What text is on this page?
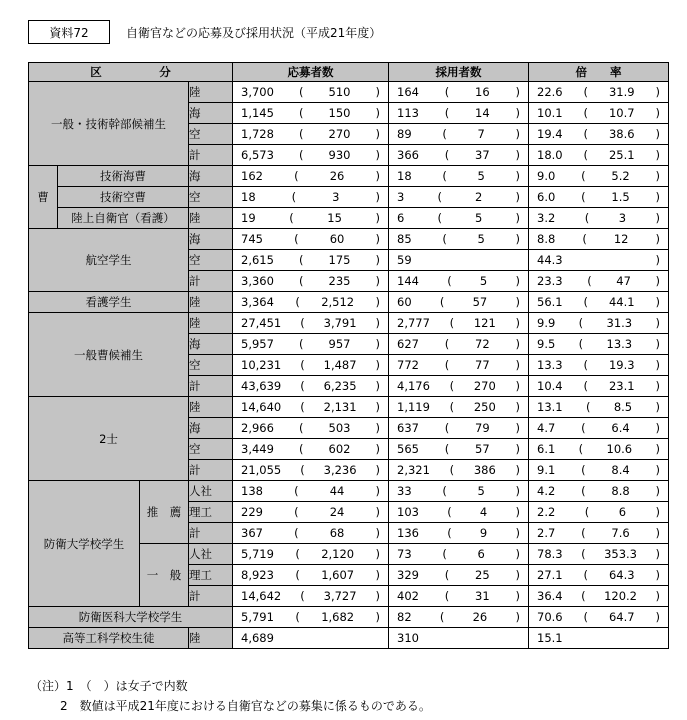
資料72	自衛官などの応募及び採用状況（平成21年度）
区　　　　　分				応募者数	採用者数	倍　　率
一般・技術幹部候補生			陸	3,700 ( 510 )	164 ( 16 )	22.6 ( 31.9 )

			海	1,145 ( 150 )	113 ( 14 )	10.1 ( 10.7 )

			空	1,728 ( 270 )	89 ( 7 )	19.4 ( 38.6 )

			計	6,573 ( 930 )	366 ( 37 )	18.0 ( 25.1 )

曹	技術海曹		海	162 ( 26 )	18 ( 5 )	9.0 ( 5.2 )

	技術空曹		空	18 ( 3 )	3 ( 2 )	6.0 ( 1.5 )

	陸上自衛官（看護）		陸	19 ( 15 )	6 ( 5 )	3.2 ( 3 )

航空学生			海	745 ( 60 )	85 ( 5 )	8.8 ( 12 )

			空	2,615 ( 175 )	59	44.3 )

			計	3,360 ( 235 )	144 ( 5 )	23.3 ( 47 )

看護学生			陸	3,364 ( 2,512 )	60 ( 57 )	56.1 ( 44.1 )

一般曹候補生			陸	27,451 ( 3,791 )	2,777 ( 121 )	9.9 ( 31.3 )

			海	5,957 ( 957 )	627 ( 72 )	9.5 ( 13.3 )

			空	10,231 ( 1,487 )	772 ( 77 )	13.3 ( 19.3 )

			計	43,639 ( 6,235 )	4,176 ( 270 )	10.4 ( 23.1 )

2士			陸	14,640 ( 2,131 )	1,119 ( 250 )	13.1 ( 8.5 )

			海	2,966 ( 503 )	637 ( 79 )	4.7 ( 6.4 )

			空	3,449 ( 602 )	565 ( 57 )	6.1 ( 10.6 )

			計	21,055 ( 3,236 )	2,321 ( 386 )	9.1 ( 8.4 )

防衛大学校学生		推　薦	人社	138 ( 44 )	33 ( 5 )	4.2 ( 8.8 )

			理工	229 ( 24 )	103 ( 4 )	2.2 ( 6 )

			計	367 ( 68 )	136 ( 9 )	2.7 ( 7.6 )

		一　般	人社	5,719 ( 2,120 )	73 ( 6 )	78.3 ( 353.3 )

			理工	8,923 ( 1,607 )	329 ( 25 )	27.1 ( 64.3 )

			計	14,642 ( 3,727 )	402 ( 31 )	36.4 ( 120.2 )

防衛医科大学校学生				5,791 ( 1,682 )	82 ( 26 )	70.6 ( 64.7 )

高等工科学校生徒			陸	4,689	310	15.1
（注）1　（　）は女子で内数
2　数値は平成21年度における自衛官などの募集に係るものである。
